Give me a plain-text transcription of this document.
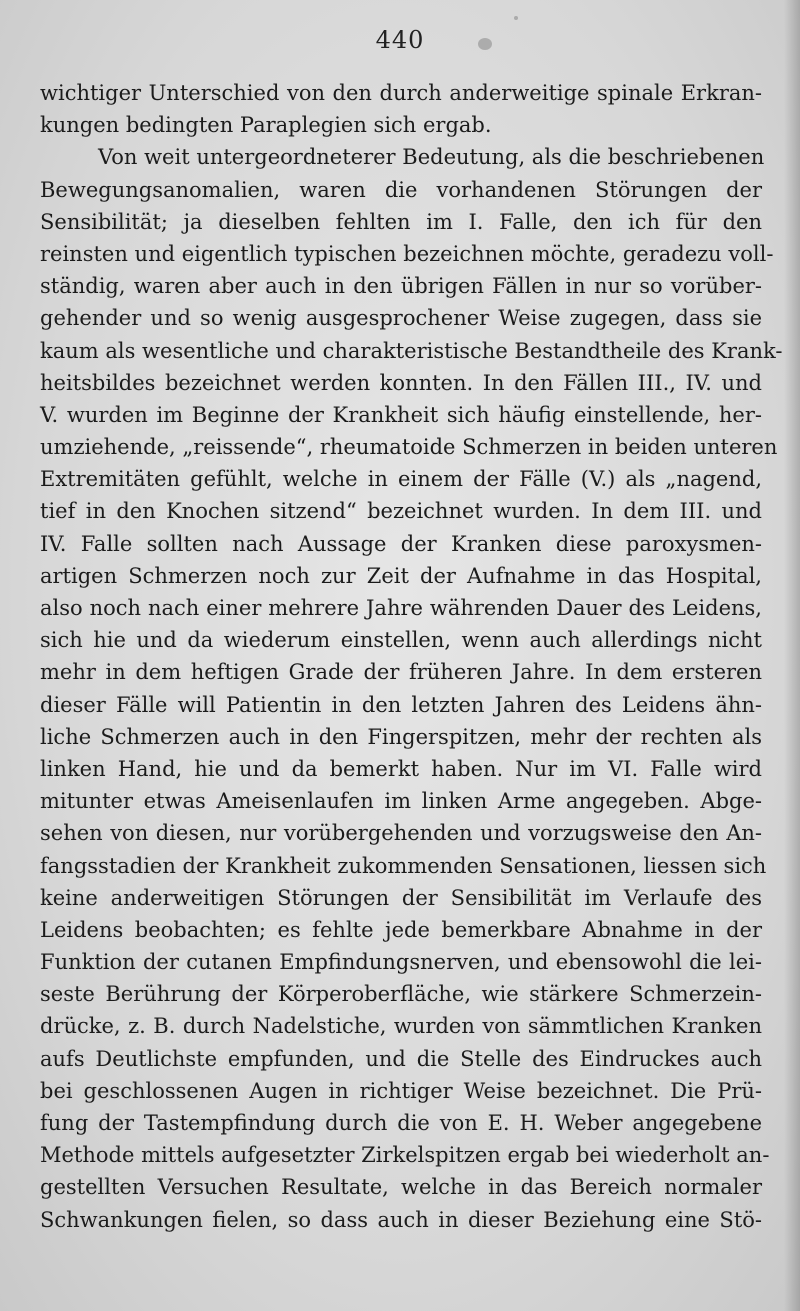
440
wichtiger Unterschied von den durch anderweitige spinale Erkran-
kungen bedingten Paraplegien sich ergab.
Von weit untergeordneterer Bedeutung, als die beschriebenen
Bewegungsanomalien, waren die vorhandenen Störungen der
Sensibilität; ja dieselben fehlten im I. Falle, den ich für den
reinsten und eigentlich typischen bezeichnen möchte, geradezu voll-
ständig, waren aber auch in den übrigen Fällen in nur so vorüber-
gehender und so wenig ausgesprochener Weise zugegen, dass sie
kaum als wesentliche und charakteristische Bestandtheile des Krank-
heitsbildes bezeichnet werden konnten. In den Fällen III., IV. und
V. wurden im Beginne der Krankheit sich häufig einstellende, her-
umziehende, „reissende“, rheumatoide Schmerzen in beiden unteren
Extremitäten gefühlt, welche in einem der Fälle (V.) als „nagend,
tief in den Knochen sitzend“ bezeichnet wurden. In dem III. und
IV. Falle sollten nach Aussage der Kranken diese paroxysmen-
artigen Schmerzen noch zur Zeit der Aufnahme in das Hospital,
also noch nach einer mehrere Jahre währenden Dauer des Leidens,
sich hie und da wiederum einstellen, wenn auch allerdings nicht
mehr in dem heftigen Grade der früheren Jahre. In dem ersteren
dieser Fälle will Patientin in den letzten Jahren des Leidens ähn-
liche Schmerzen auch in den Fingerspitzen, mehr der rechten als
linken Hand, hie und da bemerkt haben. Nur im VI. Falle wird
mitunter etwas Ameisenlaufen im linken Arme angegeben. Abge-
sehen von diesen, nur vorübergehenden und vorzugsweise den An-
fangsstadien der Krankheit zukommenden Sensationen, liessen sich
keine anderweitigen Störungen der Sensibilität im Verlaufe des
Leidens beobachten; es fehlte jede bemerkbare Abnahme in der
Funktion der cutanen Empfindungsnerven, und ebensowohl die lei-
seste Berührung der Körperoberfläche, wie stärkere Schmerzein-
drücke, z. B. durch Nadelstiche, wurden von sämmtlichen Kranken
aufs Deutlichste empfunden, und die Stelle des Eindruckes auch
bei geschlossenen Augen in richtiger Weise bezeichnet. Die Prü-
fung der Tastempfindung durch die von E. H. Weber angegebene
Methode mittels aufgesetzter Zirkelspitzen ergab bei wiederholt an-
gestellten Versuchen Resultate, welche in das Bereich normaler
Schwankungen fielen, so dass auch in dieser Beziehung eine Stö-
